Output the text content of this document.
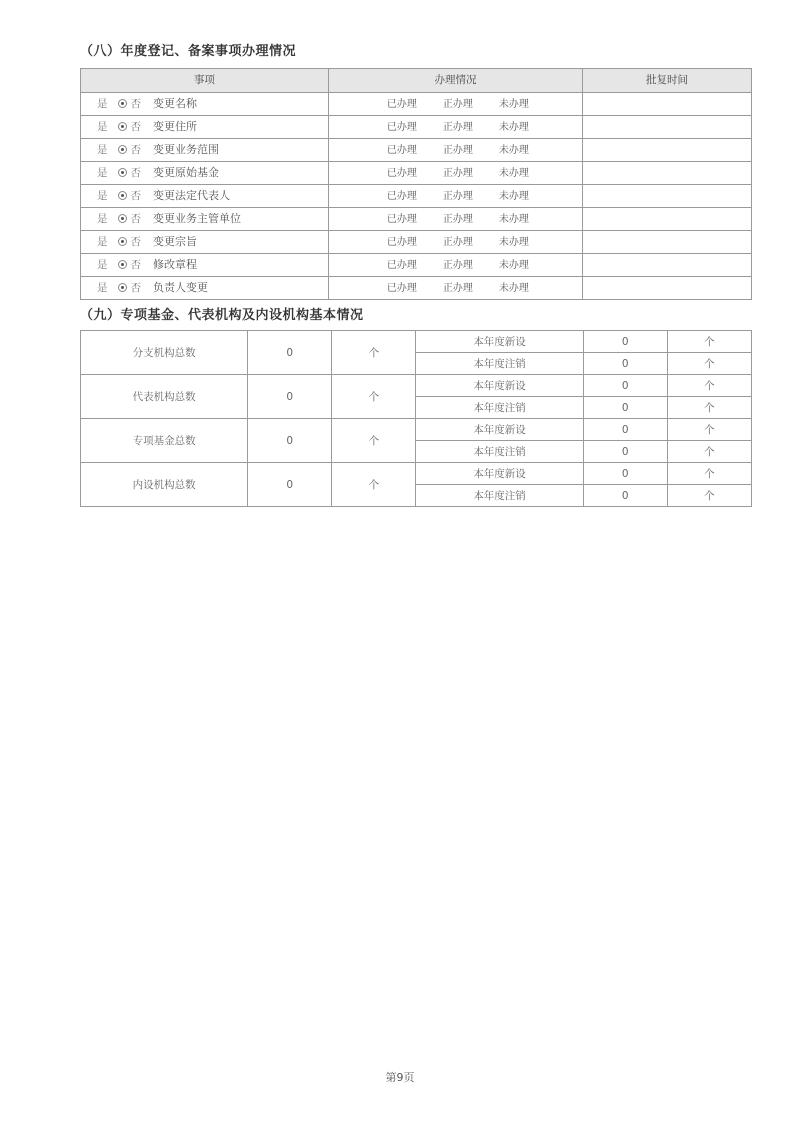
（八）年度登记、备案事项办理情况
事项	办理情况	批复时间
是 否 变更名称	已办理 正办理 未办理	
是 否 变更住所	已办理 正办理 未办理	
是 否 变更业务范围	已办理 正办理 未办理	
是 否 变更原始基金	已办理 正办理 未办理	
是 否 变更法定代表人	已办理 正办理 未办理	
是 否 变更业务主管单位	已办理 正办理 未办理	
是 否 变更宗旨	已办理 正办理 未办理	
是 否 修改章程	已办理 正办理 未办理	
是 否 负责人变更	已办理 正办理 未办理	
（九）专项基金、代表机构及内设机构基本情况
分支机构总数	0	个	本年度新设	0	个
			本年度注销	0	个
代表机构总数	0	个	本年度新设	0	个
			本年度注销	0	个
专项基金总数	0	个	本年度新设	0	个
			本年度注销	0	个
内设机构总数	0	个	本年度新设	0	个
			本年度注销	0	个
第9页
